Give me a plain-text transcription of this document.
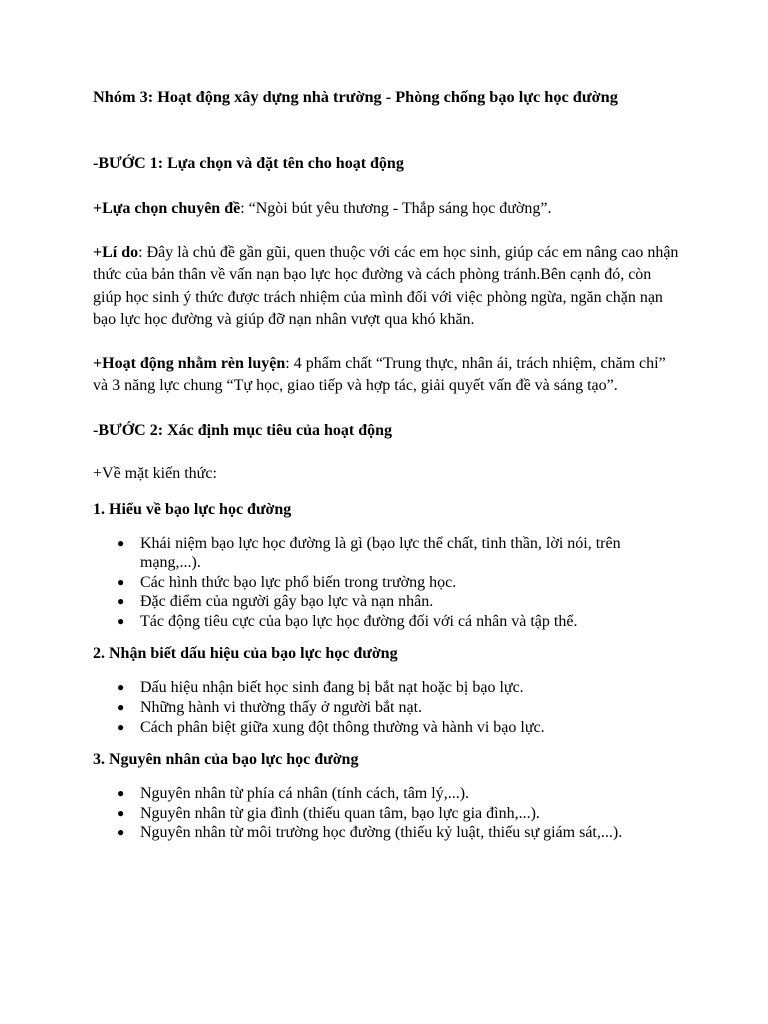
Nhóm 3: Hoạt động xây dựng nhà trường - Phòng chống bạo lực học đường

-BƯỚC 1: Lựa chọn và đặt tên cho hoạt động

+Lựa chọn chuyên đề: “Ngòi bút yêu thương - Thắp sáng học đường”.

+Lí do: Đây là chủ đề gần gũi, quen thuộc với các em học sinh, giúp các em nâng cao nhận thức của bản thân về vấn nạn bạo lực học đường và cách phòng tránh.Bên cạnh đó, còn giúp học sinh ý thức được trách nhiệm của mình đối với việc phòng ngừa, ngăn chặn nạn bạo lực học đường và giúp đỡ nạn nhân vượt qua khó khăn.

+Hoạt động nhằm rèn luyện: 4 phẩm chất “Trung thực, nhân ái, trách nhiệm, chăm chỉ” và 3 năng lực chung “Tự học, giao tiếp và hợp tác, giải quyết vấn đề và sáng tạo”.

-BƯỚC 2: Xác định mục tiêu của hoạt động

+Về mặt kiến thức:

1. Hiểu về bạo lực học đường

● Khái niệm bạo lực học đường là gì (bạo lực thể chất, tinh thần, lời nói, trên mạng,...).
● Các hình thức bạo lực phổ biến trong trường học.
● Đặc điểm của người gây bạo lực và nạn nhân.
● Tác động tiêu cực của bạo lực học đường đối với cá nhân và tập thể.

2. Nhận biết dấu hiệu của bạo lực học đường

● Dấu hiệu nhận biết học sinh đang bị bắt nạt hoặc bị bạo lực.
● Những hành vi thường thấy ở người bắt nạt.
● Cách phân biệt giữa xung đột thông thường và hành vi bạo lực.

3. Nguyên nhân của bạo lực học đường

● Nguyên nhân từ phía cá nhân (tính cách, tâm lý,...).
● Nguyên nhân từ gia đình (thiếu quan tâm, bạo lực gia đình,...).
● Nguyên nhân từ môi trường học đường (thiếu kỷ luật, thiếu sự giám sát,...).
